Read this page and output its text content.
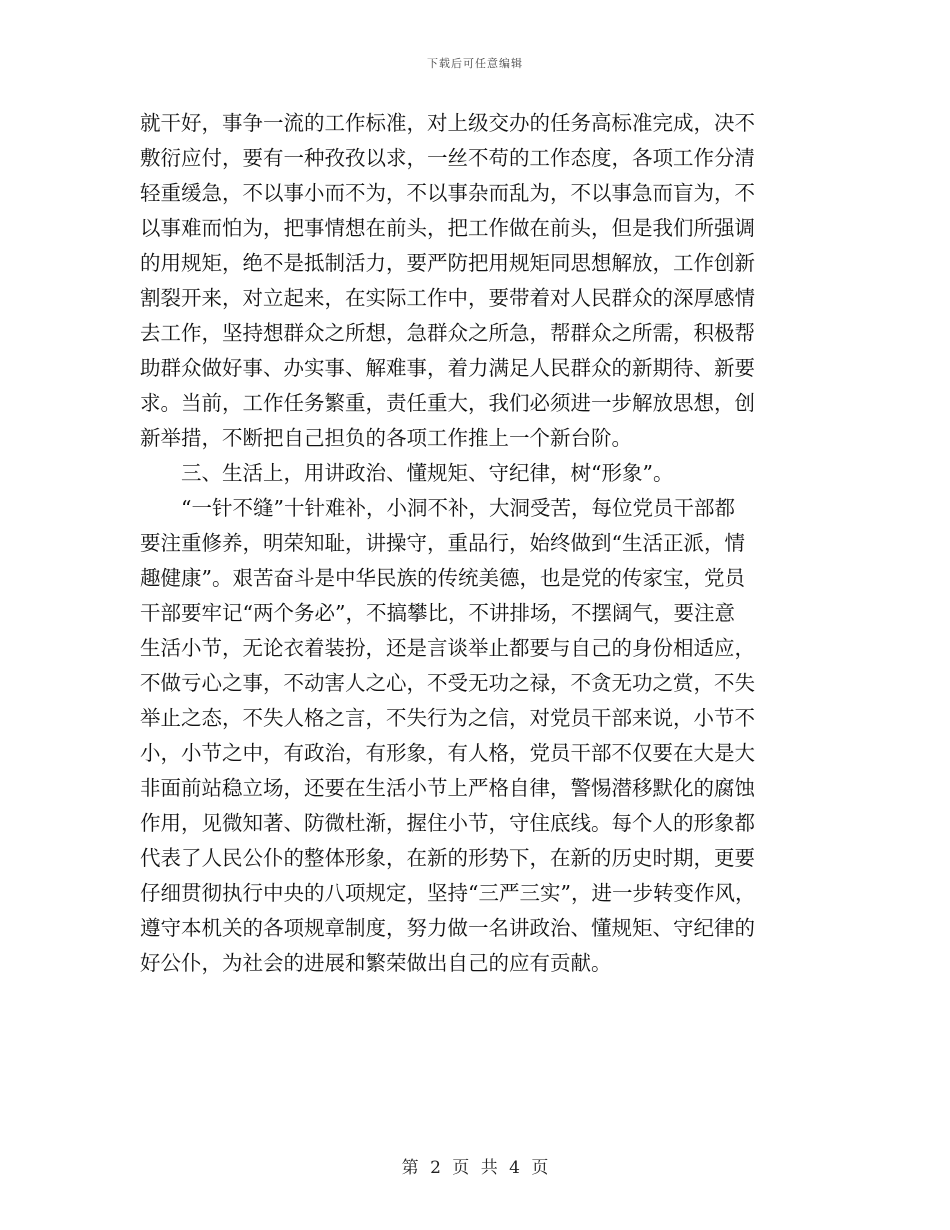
下载后可任意编辑
就干好，事争一流的工作标准，对上级交办的任务高标准完成，决不
敷衍应付，要有一种孜孜以求，一丝不苟的工作态度，各项工作分清
轻重缓急，不以事小而不为，不以事杂而乱为，不以事急而盲为，不
以事难而怕为，把事情想在前头，把工作做在前头，但是我们所强调
的用规矩，绝不是抵制活力，要严防把用规矩同思想解放，工作创新
割裂开来，对立起来，在实际工作中，要带着对人民群众的深厚感情
去工作，坚持想群众之所想，急群众之所急，帮群众之所需，积极帮
助群众做好事、办实事、解难事，着力满足人民群众的新期待、新要
求。当前，工作任务繁重，责任重大，我们必须进一步解放思想，创
新举措，不断把自己担负的各项工作推上一个新台阶。
　　三、生活上，用讲政治、懂规矩、守纪律，树“形象”。
　　“一针不缝”十针难补，小洞不补，大洞受苦，每位党员干部都
要注重修养，明荣知耻，讲操守，重品行，始终做到“生活正派，情
趣健康”。艰苦奋斗是中华民族的传统美德，也是党的传家宝，党员
干部要牢记“两个务必”，不搞攀比，不讲排场，不摆阔气，要注意
生活小节，无论衣着装扮，还是言谈举止都要与自己的身份相适应，
不做亏心之事，不动害人之心，不受无功之禄，不贪无功之赏，不失
举止之态，不失人格之言，不失行为之信，对党员干部来说，小节不
小，小节之中，有政治，有形象，有人格，党员干部不仅要在大是大
非面前站稳立场，还要在生活小节上严格自律，警惕潜移默化的腐蚀
作用，见微知著、防微杜渐，握住小节，守住底线。每个人的形象都
代表了人民公仆的整体形象，在新的形势下，在新的历史时期，更要
仔细贯彻执行中央的八项规定，坚持“三严三实”，进一步转变作风，
遵守本机关的各项规章制度，努力做一名讲政治、懂规矩、守纪律的
好公仆，为社会的进展和繁荣做出自己的应有贡献。
第 2 页 共 4 页
